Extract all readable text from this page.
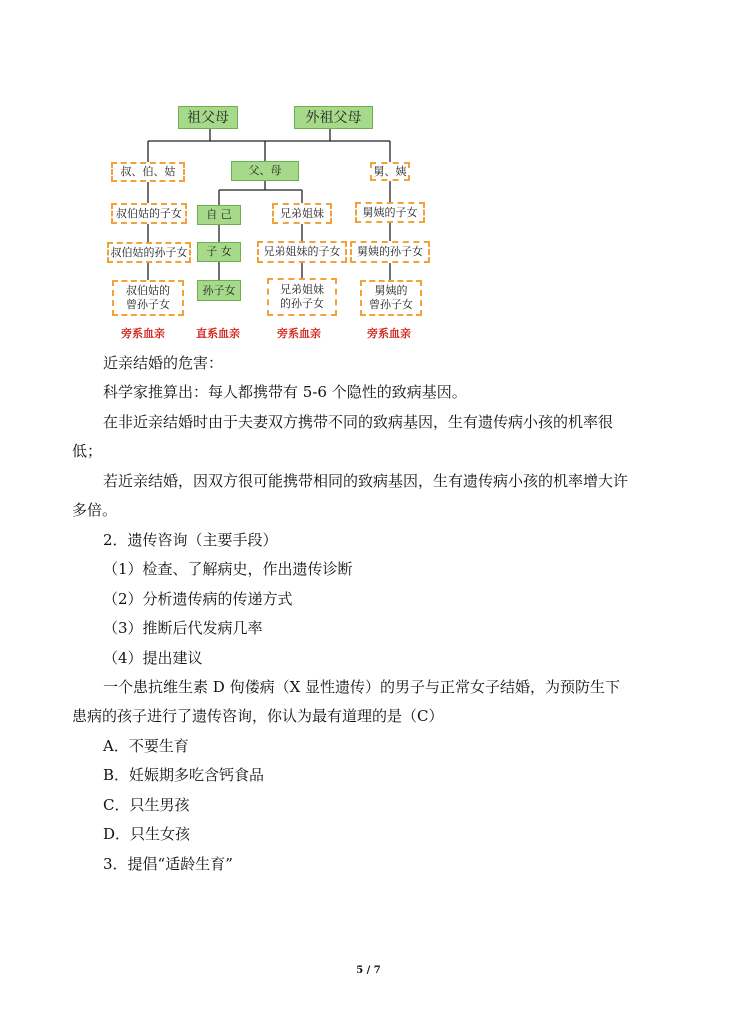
祖父母	外祖父母
叔、伯、姑
叔伯姑的子女
叔伯姑的孙子女
叔伯姑的
曾孙子女
父、母
自 己
子 女
孙子女
兄弟姐妹
兄弟姐妹的子女
兄弟姐妹
的孙子女
舅、姨
舅姨的子女
舅姨的孙子女
舅姨的
曾孙子女
旁系血亲	直系血亲	旁系血亲	旁系血亲
近亲结婚的危害：
科学家推算出：每人都携带有 5-6 个隐性的致病基因。
在非近亲结婚时由于夫妻双方携带不同的致病基因，生有遗传病小孩的机率很
低；
若近亲结婚，因双方很可能携带相同的致病基因，生有遗传病小孩的机率增大许
多倍。
2．遗传咨询（主要手段）
（1）检查、了解病史，作出遗传诊断
（2）分析遗传病的传递方式
（3）推断后代发病几率
（4）提出建议
一个患抗维生素 D 佝偻病（X 显性遗传）的男子与正常女子结婚，为预防生下
患病的孩子进行了遗传咨询，你认为最有道理的是（C）
A．不要生育
B．妊娠期多吃含钙食品
C．只生男孩
D．只生女孩
3．提倡“适龄生育”
5 / 7
